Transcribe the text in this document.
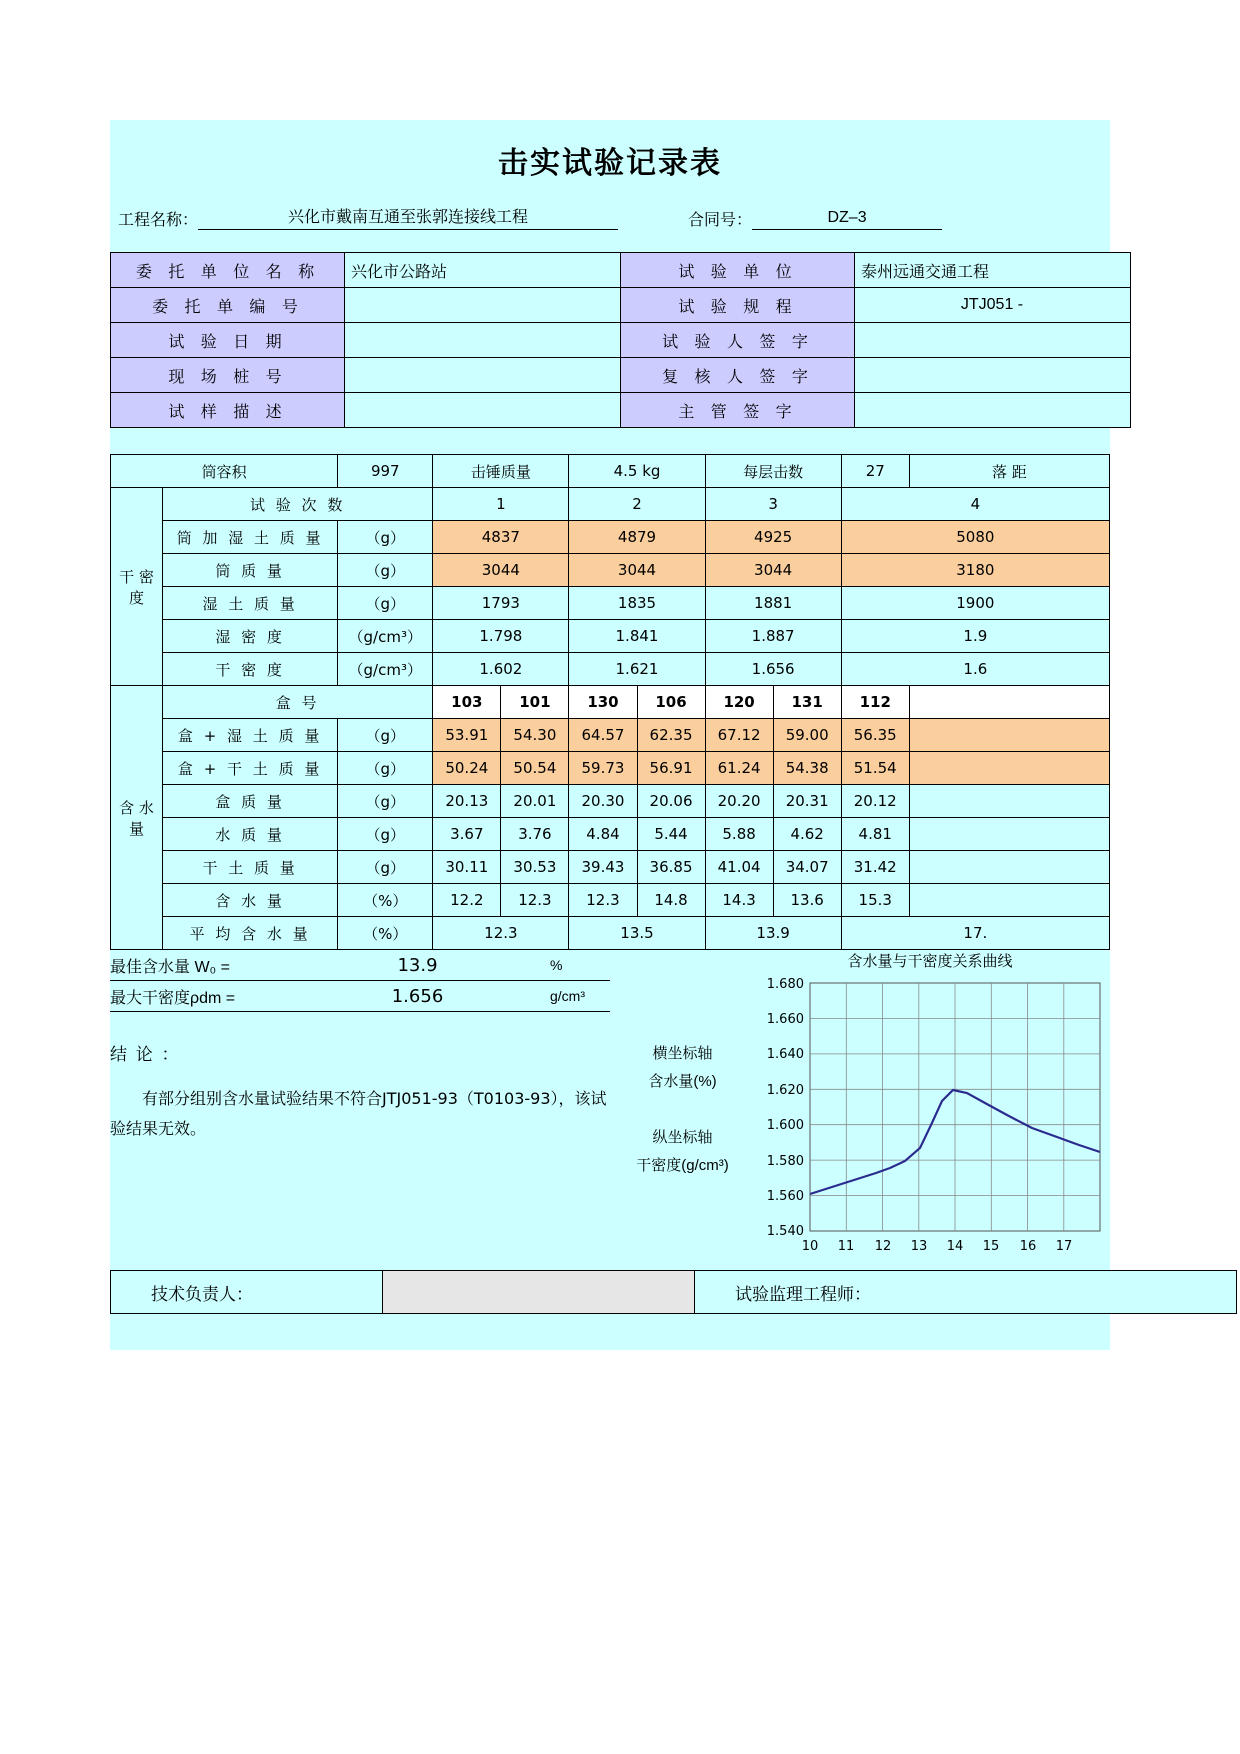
击实试验记录表
工程名称：	兴化市戴南互通至张郭连接线工程	合同号：	DZ–3
委 托 单 位 名 称	兴化市公路站	试 验 单 位	泰州远通交通工程
委 托 单 编 号		试 验 规 程	JTJ051 -
试 验 日 期		试 验 人 签 字	
现 场 桩 号		复 核 人 签 字	
试 样 描 述		主 管 签 字	
筒容积		997	击锤质量		4.5 kg		每层击数		27	落 距
干 密 度	试 验 次 数		1		2		3		4	
	筒 加 湿 土 质 量	（g）	4837		4879		4925		5080	
	筒 质 量	（g）	3044		3044		3044		3180	
	湿 土 质 量	（g）	1793		1835		1881		1900	
	湿 密 度	（g/cm³）	1.798		1.841		1.887		1.9	
	干 密 度	（g/cm³）	1.602		1.621		1.656		1.6	
含 水 量	盒 号		103	101	130	106	120	131	112	
	盒 + 湿 土 质 量	（g）	53.91	54.30	64.57	62.35	67.12	59.00	56.35	
	盒 + 干 土 质 量	（g）	50.24	50.54	59.73	56.91	61.24	54.38	51.54	
	盒 质 量	（g）	20.13	20.01	20.30	20.06	20.20	20.31	20.12	
	水 质 量	（g）	3.67	3.76	4.84	5.44	5.88	4.62	4.81	
	干 土 质 量	（g）	30.11	30.53	39.43	36.85	41.04	34.07	31.42	
	含 水 量	（%）	12.2	12.3	12.3	14.8	14.3	13.6	15.3	
	平 均 含 水 量	（%）	12.3		13.5		13.9		17.	
最佳含水量 W₀ =	13.9	%
最大干密度ρdm =	1.656	g/cm³
结 论 ：

有部分组别含水量试验结果不符合JTJ051-93（T0103-93），该试验结果无效。

横坐标轴
含水量(%)
纵坐标轴
干密度(g/cm³)
含水量与干密度关系曲线
1.680
1.660
1.640
1.620
1.600
1.580
1.560
1.540
10 11 12 13 14 15 16 17
技术负责人：		试验监理工程师：
